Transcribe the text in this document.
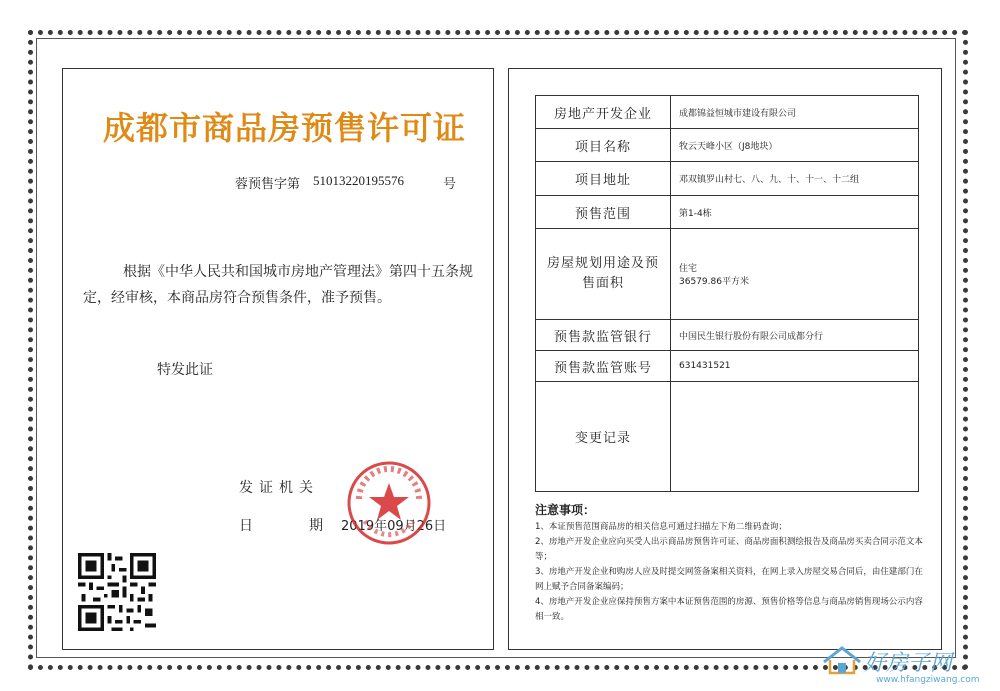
成都市商品房预售许可证
蓉预售字第 51013220195576	号
根据《中华人民共和国城市房地产管理法》第四十五条规定，经审核，本商品房符合预售条件，准予预售。
特发此证
发证机关
日	期 2019年09月26日
房地产开发企业	成都锦益恒城市建设有限公司
项目名称	牧云天峰小区（J8地块）
项目地址	邓双镇罗山村七、八、九、十、十一、十二组
预售范围	第1-4栋
房屋规划用途及预售面积	住宅
36579.86平方米

预售款监管银行	中国民生银行股份有限公司成都分行
预售款监管账号	631431521
变更记录	
注意事项：

1、本证预售范围商品房的相关信息可通过扫描左下角二维码查询；

2、房地产开发企业应向买受人出示商品房预售许可证、商品房面积测绘报告及商品房买卖合同示范文本等；

3、房地产开发企业和购房人应及时提交网签备案相关资料，在网上录入房屋交易合同后，由住建部门在网上赋予合同备案编码；

4、房地产开发企业应保持预售方案中本证预售范围的房源、预售价格等信息与商品房销售现场公示内容相一致。

好房子网
www.hfangziwang.com
